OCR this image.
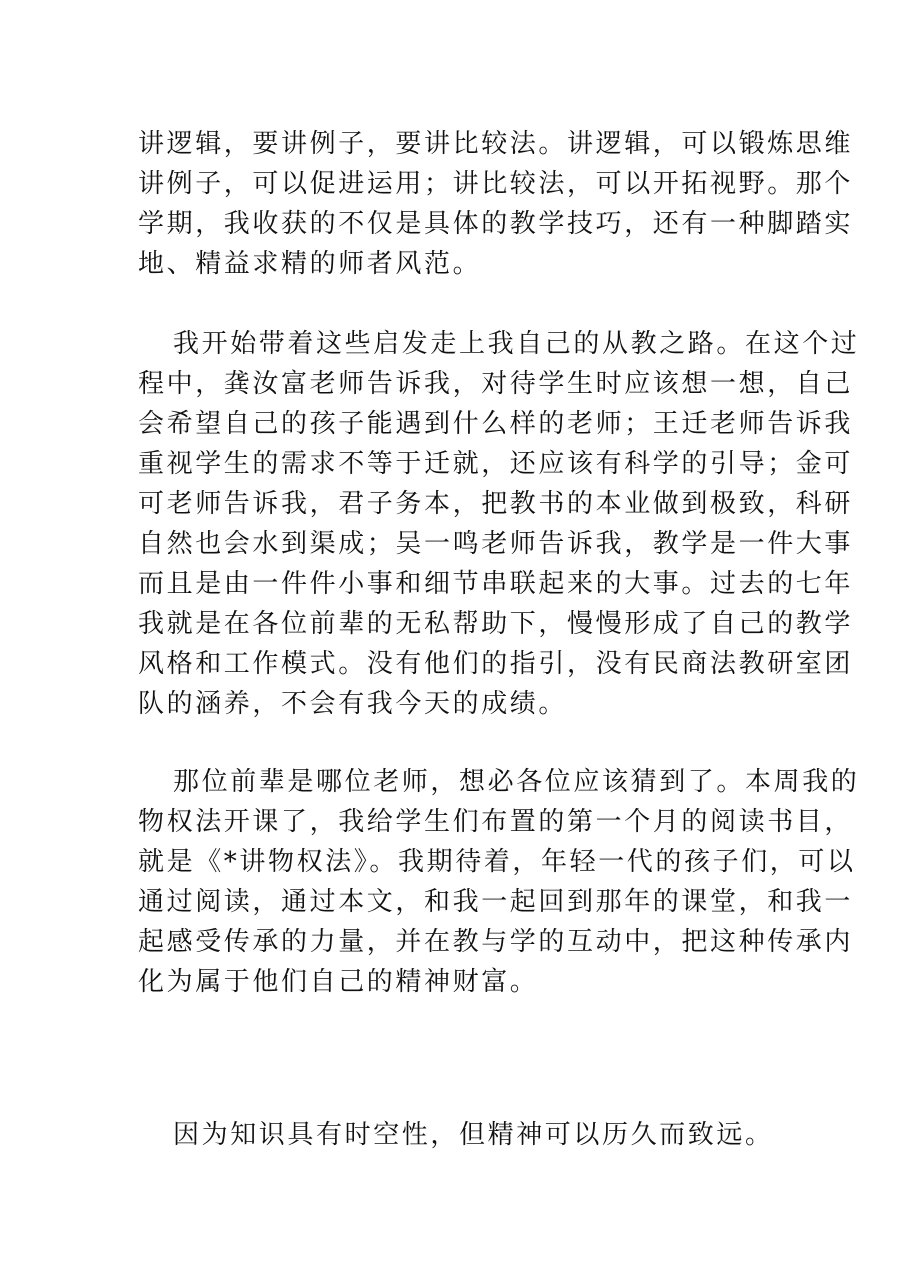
讲逻辑，要讲例子，要讲比较法。讲逻辑，可以锻炼思维
讲例子，可以促进运用；讲比较法，可以开拓视野。那个
学期，我收获的不仅是具体的教学技巧，还有一种脚踏实
地、精益求精的师者风范。
我开始带着这些启发走上我自己的从教之路。在这个过
程中，龚汝富老师告诉我，对待学生时应该想一想，自己
会希望自己的孩子能遇到什么样的老师；王迁老师告诉我
重视学生的需求不等于迁就，还应该有科学的引导；金可
可老师告诉我，君子务本，把教书的本业做到极致，科研
自然也会水到渠成；吴一鸣老师告诉我，教学是一件大事
而且是由一件件小事和细节串联起来的大事。过去的七年
我就是在各位前辈的无私帮助下，慢慢形成了自己的教学
风格和工作模式。没有他们的指引，没有民商法教研室团
队的涵养，不会有我今天的成绩。
那位前辈是哪位老师，想必各位应该猜到了。本周我的
物权法开课了，我给学生们布置的第一个月的阅读书目，
就是《*讲物权法》。我期待着，年轻一代的孩子们，可以
通过阅读，通过本文，和我一起回到那年的课堂，和我一
起感受传承的力量，并在教与学的互动中，把这种传承内
化为属于他们自己的精神财富。
因为知识具有时空性，但精神可以历久而致远。
